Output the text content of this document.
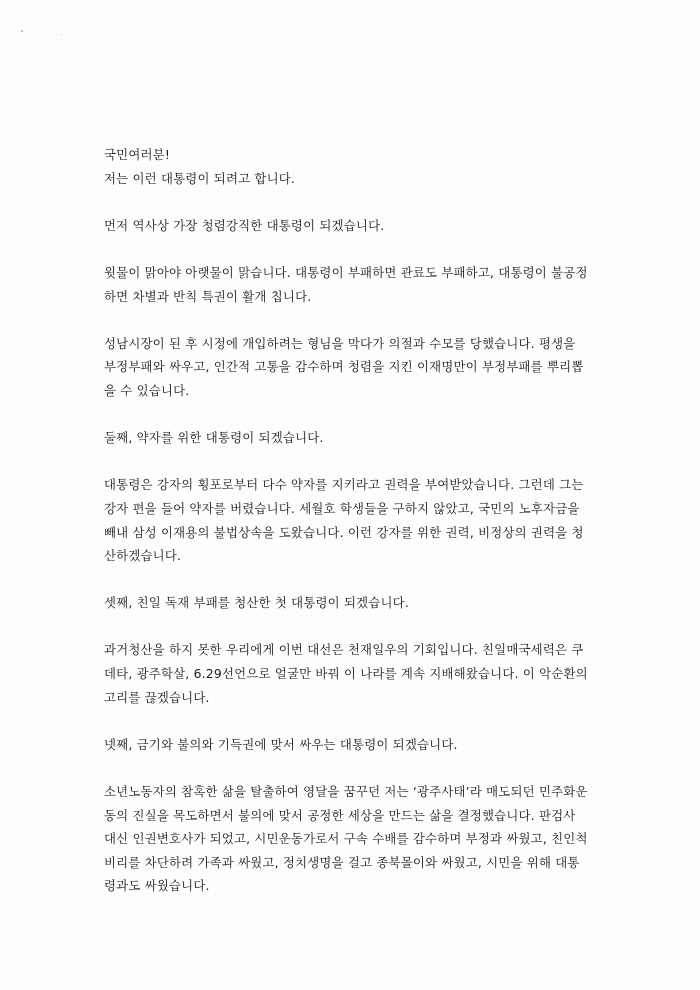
국민여러분!
저는 이런 대통령이 되려고 합니다.
먼저 역사상 가장 청렴강직한 대통령이 되겠습니다.
윗물이 맑아야 아랫물이 맑습니다. 대통령이 부패하면 관료도 부패하고, 대통령이 불공정
하면 차별과 반칙 특권이 활개 칩니다.
성남시장이 된 후 시정에 개입하려는 형님을 막다가 의절과 수모를 당했습니다. 평생을
부정부패와 싸우고, 인간적 고통을 감수하며 청렴을 지킨 이재명만이 부정부패를 뿌리뽑
을 수 있습니다.
둘째, 약자를 위한 대통령이 되겠습니다.
대통령은 강자의 횡포로부터 다수 약자를 지키라고 권력을 부여받았습니다. 그런데 그는
강자 편을 들어 약자를 버렸습니다. 세월호 학생들을 구하지 않았고, 국민의 노후자금을
빼내 삼성 이재용의 불법상속을 도왔습니다. 이런 강자를 위한 권력, 비정상의 권력을 청
산하겠습니다.
셋째, 친일 독재 부패를 청산한 첫 대통령이 되겠습니다.
과거청산을 하지 못한 우리에게 이번 대선은 천재일우의 기회입니다. 친일매국세력은 쿠
데타, 광주학살, 6.29선언으로 얼굴만 바꿔 이 나라를 계속 지배해왔습니다. 이 악순환의
고리를 끊겠습니다.
넷째, 금기와 불의와 기득권에 맞서 싸우는 대통령이 되겠습니다.
소년노동자의 참혹한 삶을 탈출하여 영달을 꿈꾸던 저는 ‘광주사태’라 매도되던 민주화운
동의 진실을 목도하면서 불의에 맞서 공정한 세상을 만드는 삶을 결정했습니다. 판검사
대신 인권변호사가 되었고, 시민운동가로서 구속 수배를 감수하며 부정과 싸웠고, 친인척
비리를 차단하려 가족과 싸웠고, 정치생명을 걸고 종북몰이와 싸웠고, 시민을 위해 대통
령과도 싸웠습니다.
